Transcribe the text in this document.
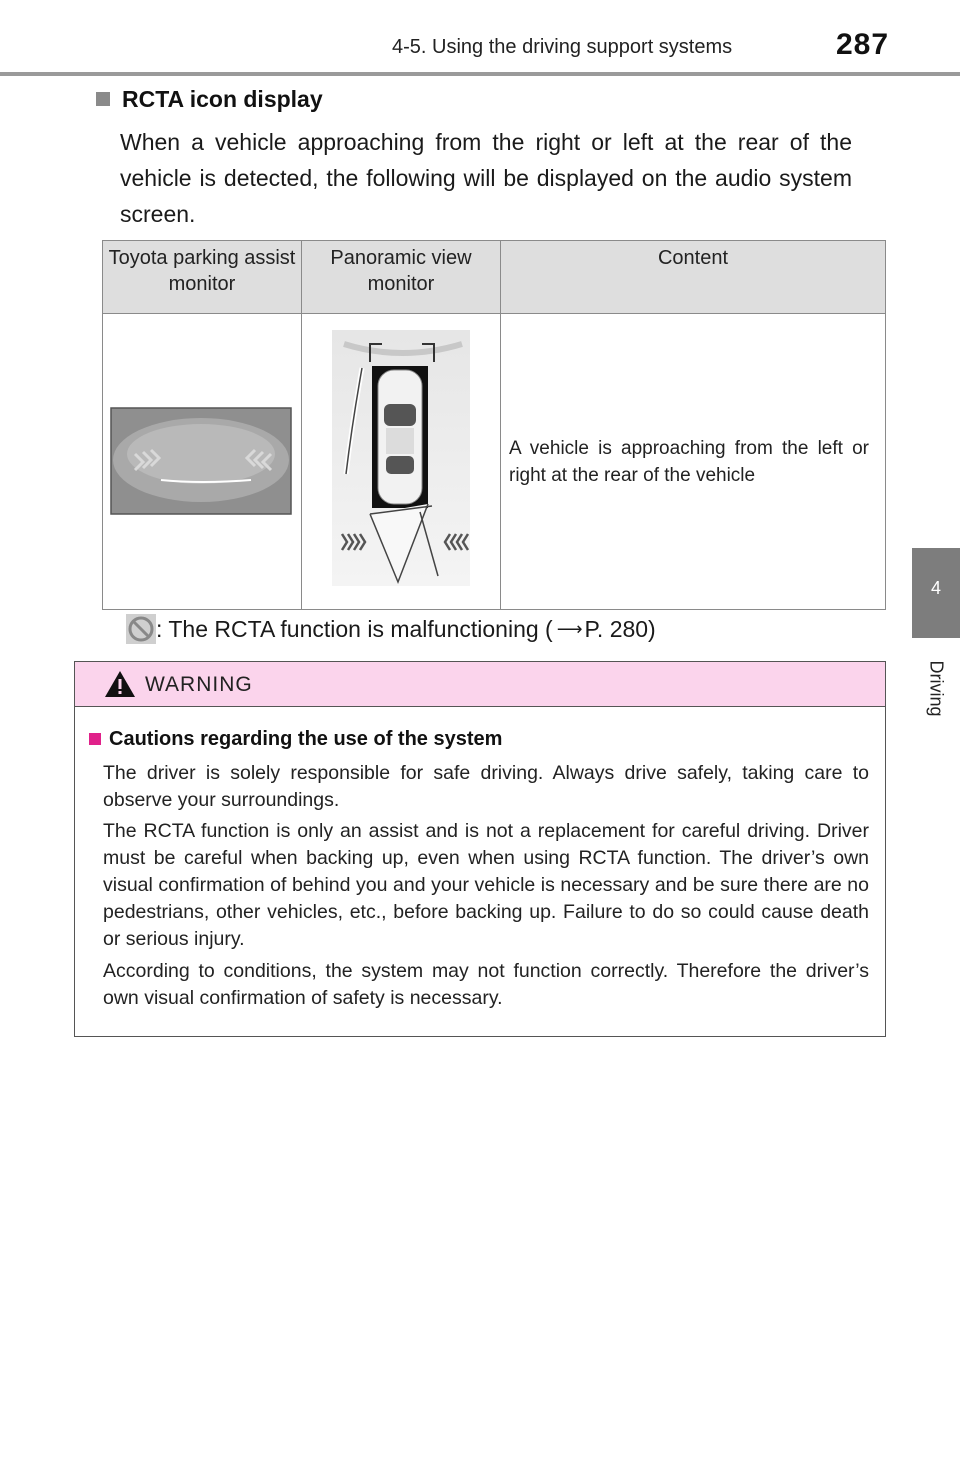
4-5. Using the driving support systems	287
4
Driving
RCTA icon display
When a vehicle approaching from the right or left at the rear of the vehicle is detected, the following will be displayed on the audio system screen.
Toyota parking assist monitor	Panoramic view monitor	Content
		A vehicle is approaching from the left or right at the rear of the vehicle
: The RCTA function is malfunctioning ( ⟶ P. 280)
WARNING
Cautions regarding the use of the system
The driver is solely responsible for safe driving. Always drive safely, taking care to observe your surroundings.
The RCTA function is only an assist and is not a replacement for careful driving. Driver must be careful when backing up, even when using RCTA function. The driver’s own visual confirmation of behind you and your vehicle is necessary and be sure there are no pedestrians, other vehicles, etc., before backing up. Failure to do so could cause death or serious injury.
According to conditions, the system may not function correctly. Therefore the driver’s own visual confirmation of safety is necessary.
